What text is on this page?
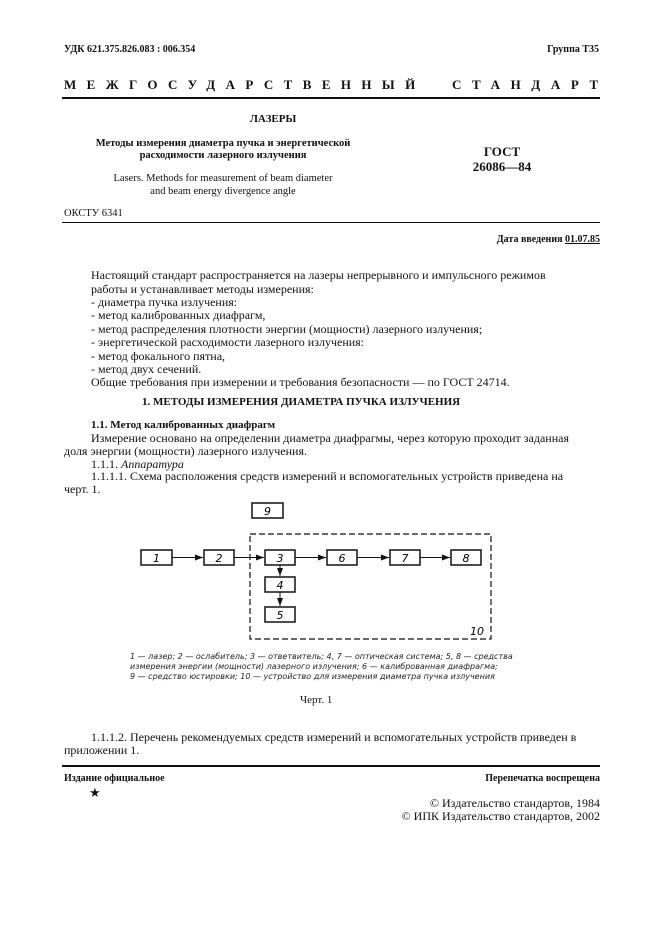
УДК 621.375.826.083 : 006.354	Группа Т35
МЕЖГОСУДАРСТВЕННЫЙ СТАНДАРТ
ЛАЗЕРЫ
Методы измерения диаметра пучка и энергетической
расходимости лазерного излучения
Lasers. Methods for measurement of beam diameter
and beam energy divergence angle
ГОСТ
26086—84
ОКСТУ 6341
Дата введения 01.07.85
Настоящий стандарт распространяется на лазеры непрерывного и импульсного режимов
работы и устанавливает методы измерения:
- диаметра пучка излучения:
- метод калиброванных диафрагм,
- метод распределения плотности энергии (мощности) лазерного излучения;
- энергетической расходимости лазерного излучения:
- метод фокального пятна,
- метод двух сечений.
Общие требования при измерении и требования безопасности — по ГОСТ 24714.
1. МЕТОДЫ ИЗМЕРЕНИЯ ДИАМЕТРА ПУЧКА ИЗЛУЧЕНИЯ
1.1. Метод калиброванных диафрагм
Измерение основано на определении диаметра диафрагмы, через которую проходит заданная
доля энергии (мощности) лазерного излучения.
1.1.1. Аппаратура
1.1.1.1. Схема расположения средств измерений и вспомогательных устройств приведена на
черт. 1.
1	2	3
4
5
6	7	8
9
10
1 — лазер; 2 — ослабитель; 3 — ответвитель; 4, 7 — оптическая система; 5, 8 — средства
измерения энергии (мощности) лазерного излучения; 6 — калиброванная диафрагма;
9 — средство юстировки; 10 — устройство для измерения диаметра пучка излучения
Черт. 1
1.1.1.2. Перечень рекомендуемых средств измерений и вспомогательных устройств приведен в
приложении 1.
Издание официальное	Перепечатка воспрещена
★
© Издательство стандартов, 1984
© ИПК Издательство стандартов, 2002
